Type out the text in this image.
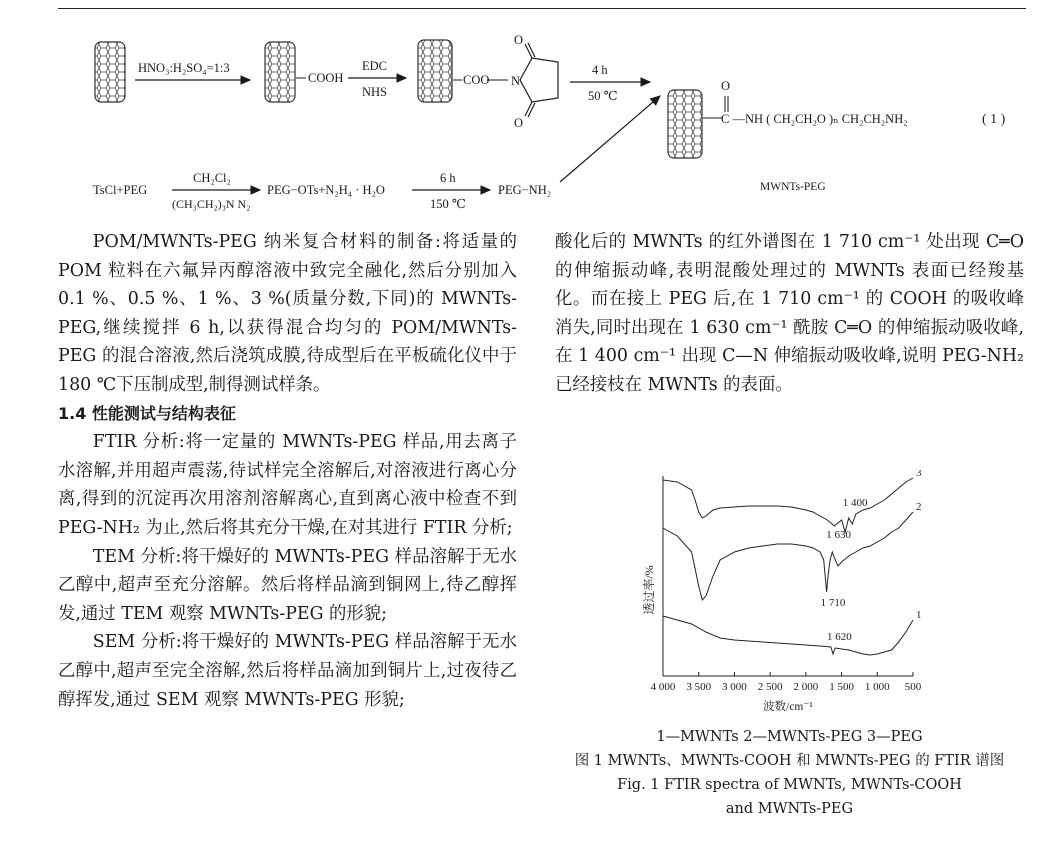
HNO₃:H₂SO₄=1:3
COOH
EDC
NHS
COO N
O
O
4 h
50 ℃
O
C —NH ( CH₂CH₂O )ₙ CH₂CH₂NH₂	( 1 )
MWNTs-PEG
TsCl+PEG
CH₂Cl₂
(CH₃CH₂)₃N N₂
PEG−OTs+N₂H₄ · H₂O
6 h
150 ℃
PEG−NH₂

POM/MWNTs-PEG 纳米复合材料的制备:将适量的 POM 粒料在六氟异丙醇溶液中致完全融化,然后分别加入 0.1 %、0.5 %、1 %、3 %(质量分数,下同)的 MWNTs-PEG,继续搅拌 6 h,以获得混合均匀的 POM/MWNTs-PEG 的混合溶液,然后浇筑成膜,待成型后在平板硫化仪中于 180 ℃下压制成型,制得测试样条。

1.4 性能测试与结构表征

FTIR 分析:将一定量的 MWNTs-PEG 样品,用去离子水溶解,并用超声震荡,待试样完全溶解后,对溶液进行离心分离,得到的沉淀再次用溶剂溶解离心,直到离心液中检查不到 PEG-NH₂ 为止,然后将其充分干燥,在对其进行 FTIR 分析;

TEM 分析:将干燥好的 MWNTs-PEG 样品溶解于无水乙醇中,超声至充分溶解。然后将样品滴到铜网上,待乙醇挥发,通过 TEM 观察 MWNTs-PEG 的形貌;

SEM 分析:将干燥好的 MWNTs-PEG 样品溶解于无水乙醇中,超声至完全溶解,然后将样品滴加到铜片上,过夜待乙醇挥发,通过 SEM 观察 MWNTs-PEG 形貌;

酸化后的 MWNTs 的红外谱图在 1 710 cm⁻¹ 处出现 C═O 的伸缩振动峰,表明混酸处理过的 MWNTs 表面已经羧基化。而在接上 PEG 后,在 1 710 cm⁻¹ 的 COOH 的吸收峰消失,同时出现在 1 630 cm⁻¹ 酰胺 C═O 的伸缩振动吸收峰,在 1 400 cm⁻¹ 出现 C—N 伸缩振动吸收峰,说明 PEG-NH₂ 已经接枝在 MWNTs 的表面。

4 000 3 500 3 000 2 500 2 000 1 500 1 000 500
1
2
3
1 400
1 630
1 710
1 620
透过率/%
波数/cm⁻¹
1—MWNTs 2—MWNTs-PEG 3—PEG
图 1 MWNTs、MWNTs-COOH 和 MWNTs-PEG 的 FTIR 谱图
Fig. 1 FTIR spectra of MWNTs, MWNTs-COOH
and MWNTs-PEG
